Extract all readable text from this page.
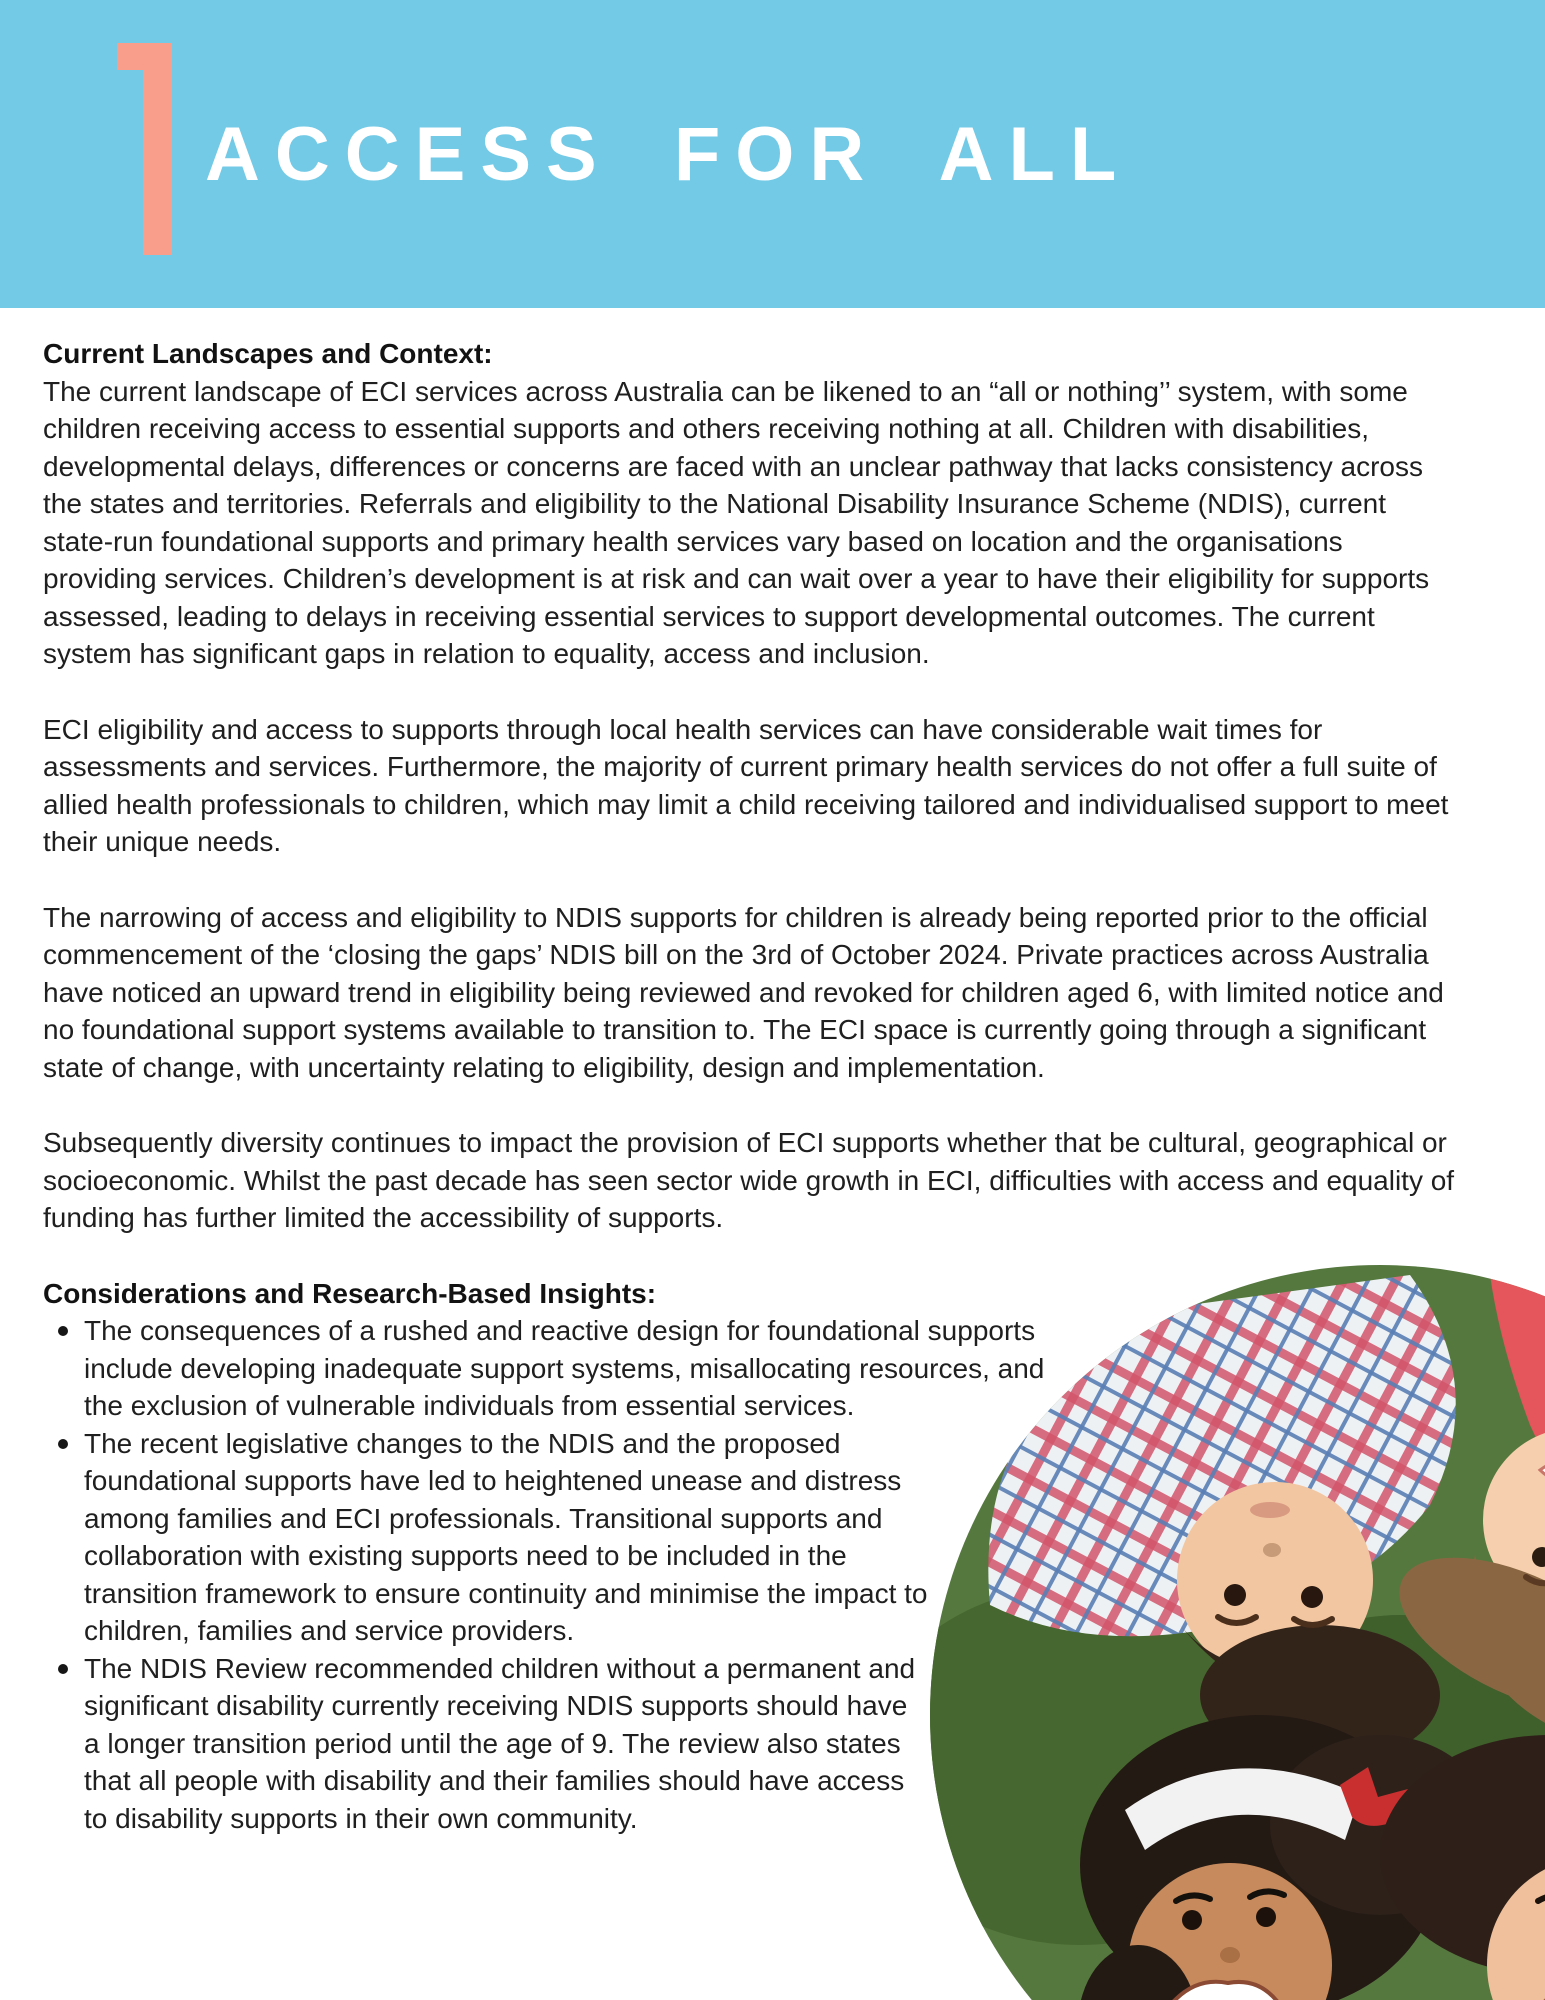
ACCESS FOR ALL
Current Landscapes and Context:

The current landscape of ECI services across Australia can be likened to an “all or nothing’’ system, with some children receiving access to essential supports and others receiving nothing at all. Children with disabilities, developmental delays, differences or concerns are faced with an unclear pathway that lacks consistency across the states and territories. Referrals and eligibility to the National Disability Insurance Scheme (NDIS), current state-run foundational supports and primary health services vary based on location and the organisations providing services. Children’s development is at risk and can wait over a year to have their eligibility for supports assessed, leading to delays in receiving essential services to support developmental outcomes. The current system has significant gaps in relation to equality, access and inclusion.

ECI eligibility and access to supports through local health services can have considerable wait times for assessments and services. Furthermore, the majority of current primary health services do not offer a full suite of allied health professionals to children, which may limit a child receiving tailored and individualised support to meet their unique needs.

The narrowing of access and eligibility to NDIS supports for children is already being reported prior to the official commencement of the ‘closing the gaps’ NDIS bill on the 3rd of October 2024. Private practices across Australia have noticed an upward trend in eligibility being reviewed and revoked for children aged 6, with limited notice and no foundational support systems available to transition to. The ECI space is currently going through a significant state of change, with uncertainty relating to eligibility, design and implementation.

Subsequently diversity continues to impact the provision of ECI supports whether that be cultural, geographical or socioeconomic. Whilst the past decade has seen sector wide growth in ECI, difficulties with access and equality of funding has further limited the accessibility of supports.

Considerations and Research-Based Insights:
The consequences of a rushed and reactive design for foundational supports include developing inadequate support systems, misallocating resources, and the exclusion of vulnerable individuals from essential services.
The recent legislative changes to the NDIS and the proposed foundational supports have led to heightened unease and distress among families and ECI professionals. Transitional supports and collaboration with existing supports need to be included in the transition framework to ensure continuity and minimise the impact to children, families and service providers.
The NDIS Review recommended children without a permanent and significant disability currently receiving NDIS supports should have a longer transition period until the age of 9. The review also states that all people with disability and their families should have access to disability supports in their own community.
